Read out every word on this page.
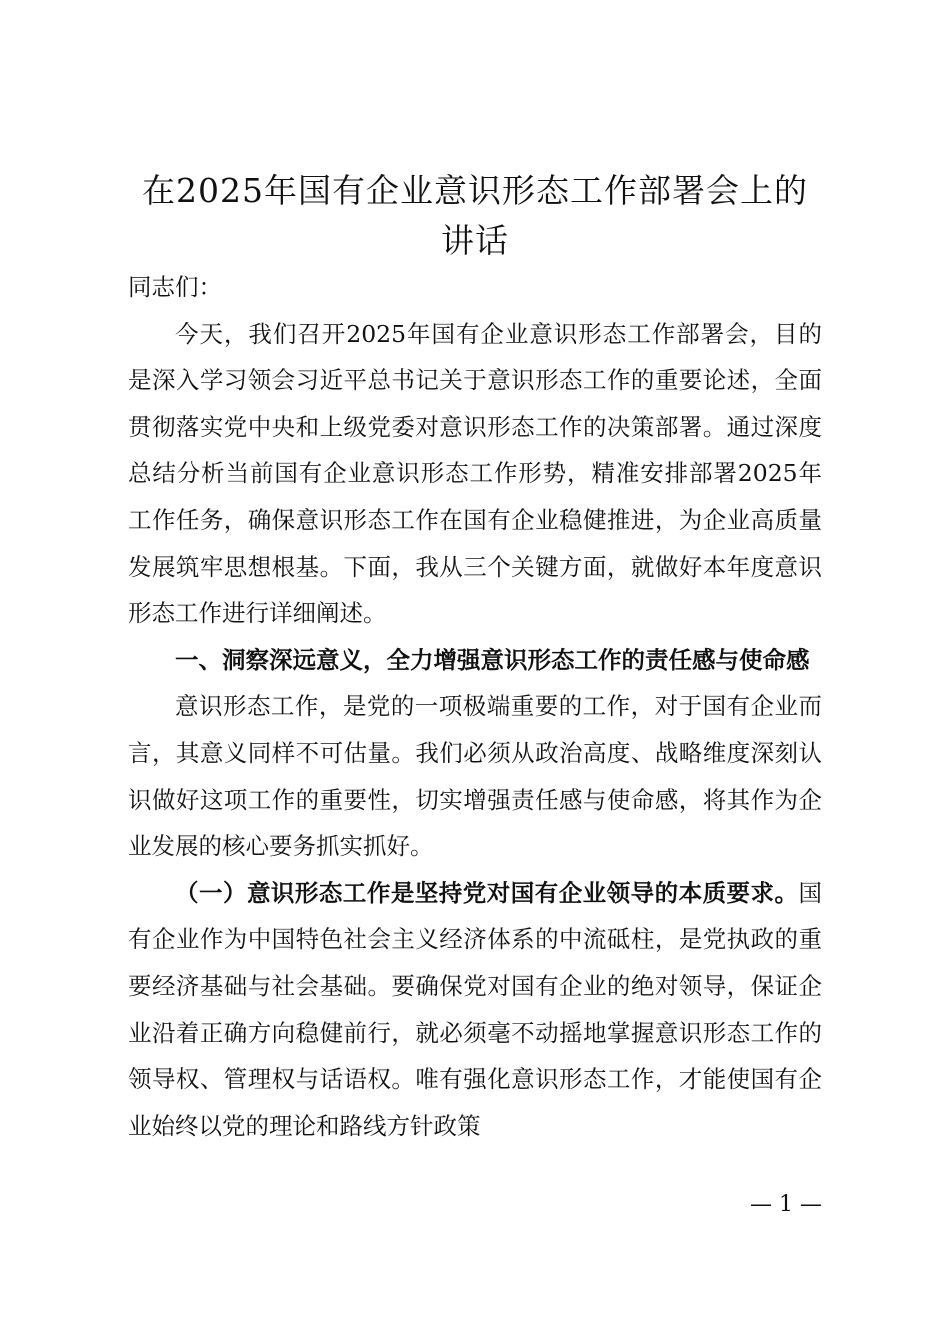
在2025年国有企业意识形态工作部署会上的讲话

同志们：

今天，我们召开2025年国有企业意识形态工作部署会，目的是深入学习领会习近平总书记关于意识形态工作的重要论述，全面贯彻落实党中央和上级党委对意识形态工作的决策部署。通过深度总结分析当前国有企业意识形态工作形势，精准安排部署2025年工作任务，确保意识形态工作在国有企业稳健推进，为企业高质量发展筑牢思想根基。下面，我从三个关键方面，就做好本年度意识形态工作进行详细阐述。

一、洞察深远意义，全力增强意识形态工作的责任感与使命感

意识形态工作，是党的一项极端重要的工作，对于国有企业而言，其意义同样不可估量。我们必须从政治高度、战略维度深刻认识做好这项工作的重要性，切实增强责任感与使命感，将其作为企业发展的核心要务抓实抓好。

（一）意识形态工作是坚持党对国有企业领导的本质要求。国有企业作为中国特色社会主义经济体系的中流砥柱，是党执政的重要经济基础与社会基础。要确保党对国有企业的绝对领导，保证企业沿着正确方向稳健前行，就必须毫不动摇地掌握意识形态工作的领导权、管理权与话语权。唯有强化意识形态工作，才能使国有企业始终以党的理论和路线方针政策

— 1 —
